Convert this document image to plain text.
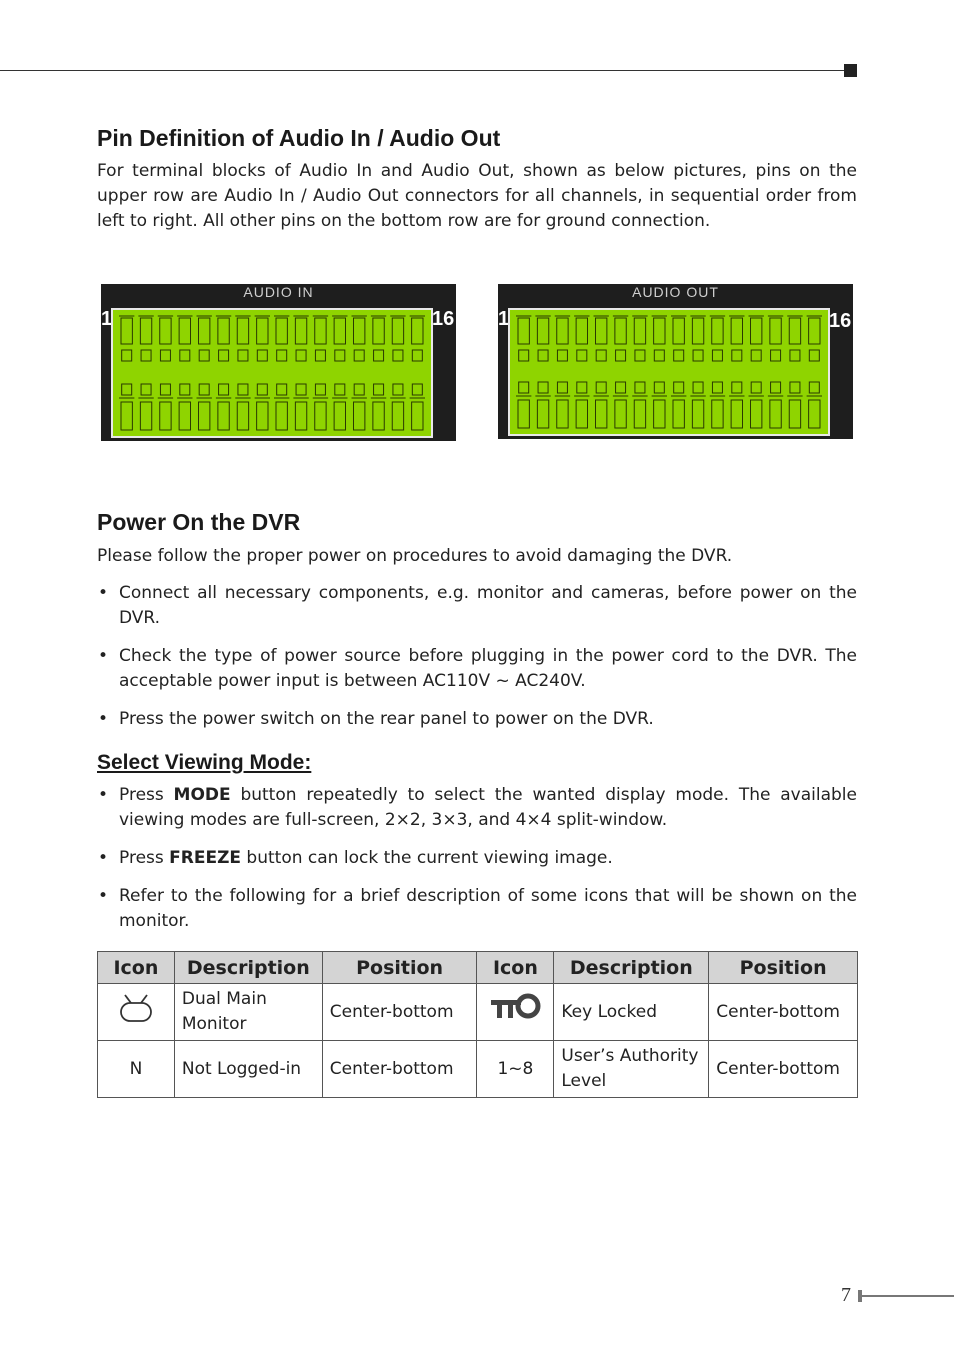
Pin Definition of Audio In / Audio Out

For terminal blocks of Audio In and Audio Out, shown as below pictures, pins on the upper row are Audio In / Audio Out connectors for all channels, in sequential order from left to right. All other pins on the bottom row are for ground connection.

AUDIO IN
1	16
AUDIO OUT
1	16
Power On the DVR

Please follow the proper power on procedures to avoid damaging the DVR.

• Connect all necessary components, e.g. monitor and cameras, before power on the DVR.
• Check the type of power source before plugging in the power cord to the DVR. The acceptable power input is between AC110V ~ AC240V.
• Press the power switch on the rear panel to power on the DVR.
Select Viewing Mode:
• Press MODE button repeatedly to select the wanted display mode. The available viewing modes are full-screen, 2×2, 3×3, and 4×4 split-window.
• Press FREEZE button can lock the current viewing image.
• Refer to the following for a brief description of some icons that will be shown on the monitor.
Icon	Description	Position	Icon	Description	Position
	Dual Main Monitor	Center-bottom		Key Locked	Center-bottom
N	Not Logged-in	Center-bottom	1~8	User’s Authority Level	Center-bottom
7
